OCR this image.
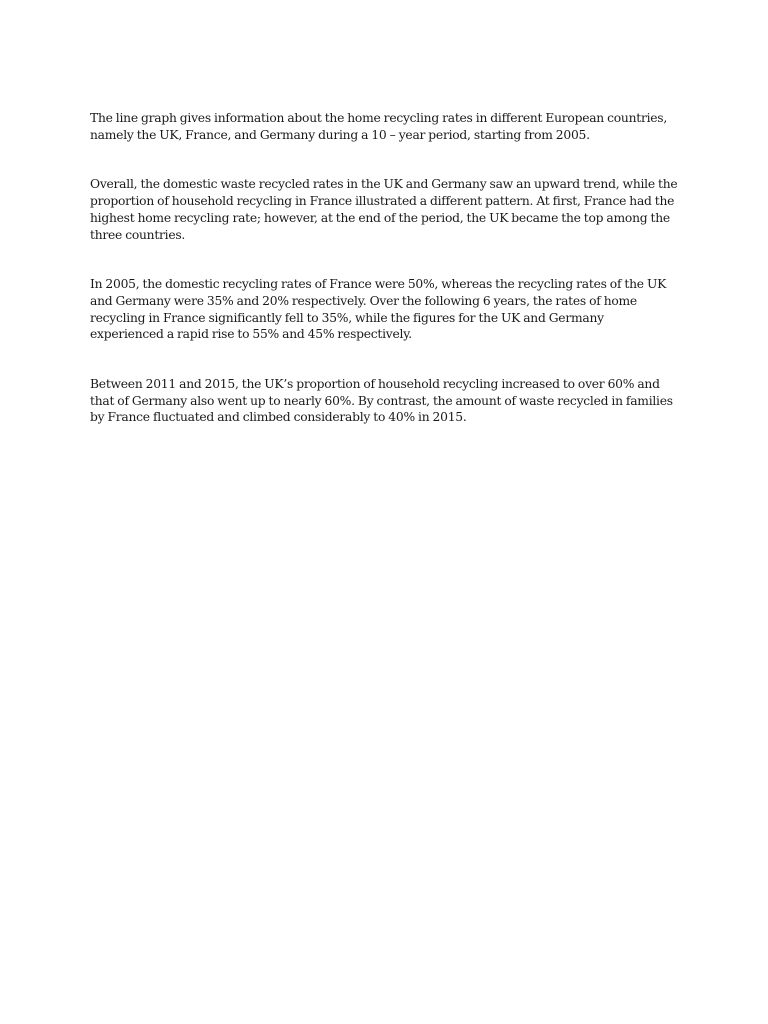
The line graph gives information about the home recycling rates in different European countries, namely the UK, France, and Germany during a 10 – year period, starting from 2005.

Overall, the domestic waste recycled rates in the UK and Germany saw an upward trend, while the proportion of household recycling in France illustrated a different pattern. At first, France had the highest home recycling rate; however, at the end of the period, the UK became the top among the three countries.

In 2005, the domestic recycling rates of France were 50%, whereas the recycling rates of the UK and Germany were 35% and 20% respectively. Over the following 6 years, the rates of home recycling in France significantly fell to 35%, while the figures for the UK and Germany experienced a rapid rise to 55% and 45% respectively.

Between 2011 and 2015, the UK’s proportion of household recycling increased to over 60% and that of Germany also went up to nearly 60%. By contrast, the amount of waste recycled in families by France fluctuated and climbed considerably to 40% in 2015.
